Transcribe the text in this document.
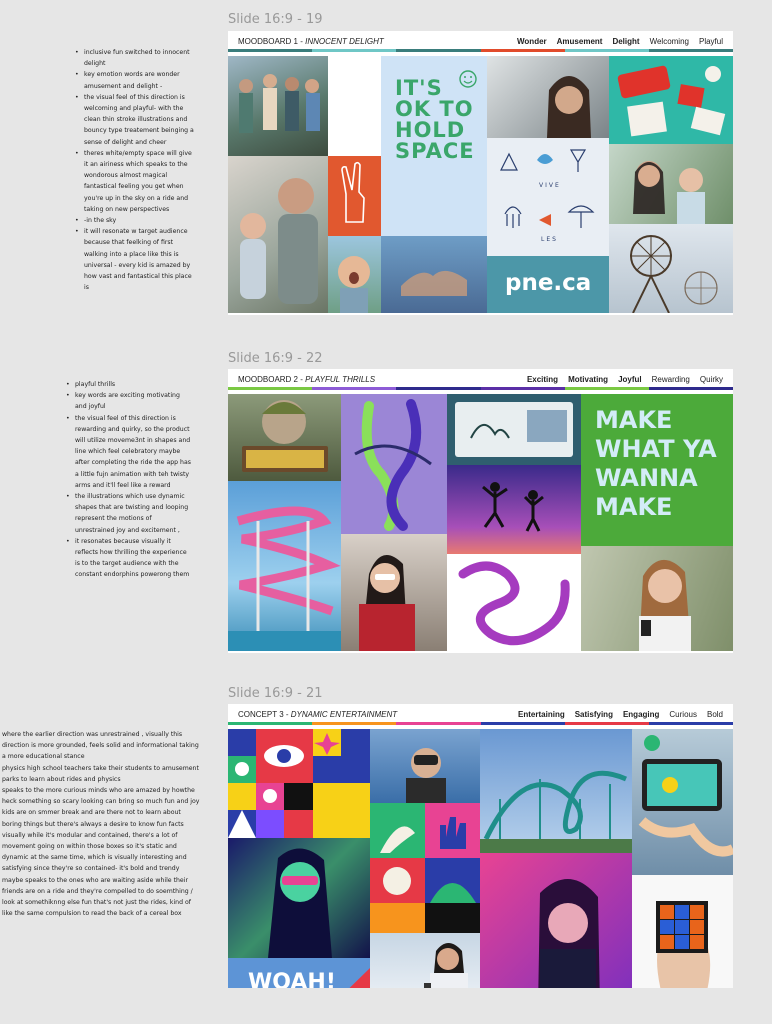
Slide 16:9 - 19
• inclusive fun switched to innocent delight
• key emotion words are wonder amusement and delight -
• the visual feel of this direction is welcoming and playful- with the clean thin stroke illustrations and bouncy type treatement beinging a sense of delight and cheer
• theres white/empty space will give it an airiness which speaks to the wondorous almost magical fantastical feeling you get when you're up in the sky on a ride and taking on new perspectives
• -in the sky
• it will resonate w target audience because that feelking of first walking into a place like this is universal - every kid is amazed by how vast and fantastical this place is
MOODBOARD 1 - INNOCENT DELIGHT	Wonder Amusement Delight Welcoming Playful
IT'S OK TO HOLD SPACE
VIVE
LES
pne.ca
Slide 16:9 - 22
• playful thrills
• key words are exciting motivating and joyful
• the visual feel of this direction is rewarding and quirky, so the product will utilize moveme3nt in shapes and line which feel celebratory maybe after completing the ride the app has a little fujn animation with teh twisty arms and it'll feel like a reward
• the illustrations which use dynamic shapes that are twisting and looping represent the motions of unrestrained joy and excitement ,
• it resonates because visually it reflects how thrilling the experience is to the target audience with the constant endorphins powerong them
MOODBOARD 2 - PLAYFUL THRILLS	Exciting Motivating Joyful Rewarding Quirky
MAKE WHAT YA WANNA MAKE
Slide 16:9 - 21

where the earlier direction was unrestrained , visually this direction is more grounded, feels solid and informational taking a more educational stance

physics high school teachers take their students to amusement parks to learn about rides and physics

speaks to the more curious minds who are amazed by howthe heck something so scary looking can bring so much fun and joy

kids are on smmer break and are there not to learn about boring things but there's always a desire to know fun facts

visually while it's modular and contained, there's a lot of movement going on within those boxes so it's static and dynamic at the same time, which is visually interesting and satisfying since they're so contained- it's bold and trendy

maybe speaks to the ones who are waiting aside while their friends are on a ride and they're compelled to do soemthing / look at somethiknng else fun that's not just the rides, kind of like the same compulsion to read the back of a cereal box

CONCEPT 3 - DYNAMIC ENTERTAINMENT	Entertaining Satisfying Engaging Curious Bold
WOAH!
